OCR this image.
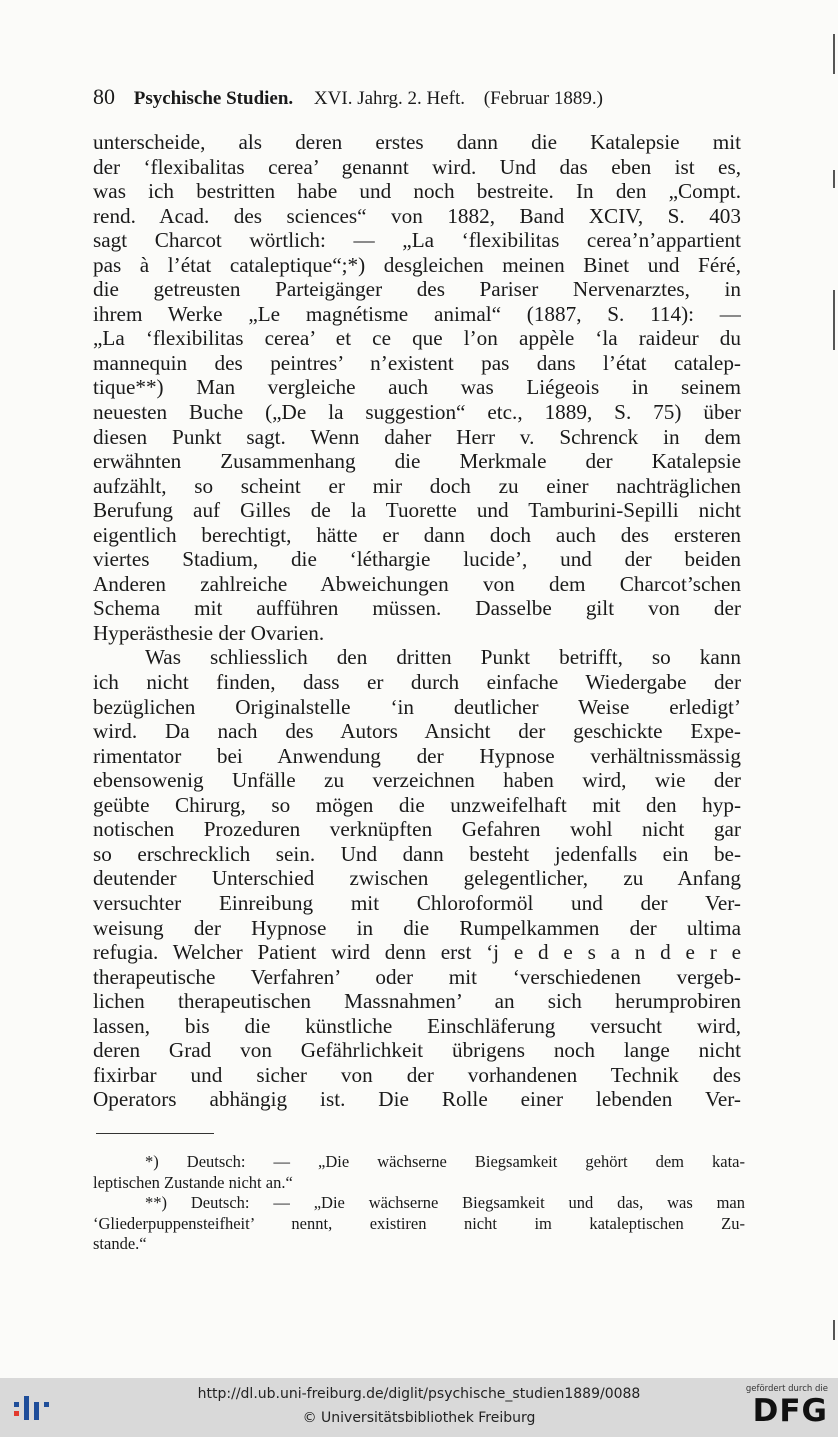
80 Psychische Studien. XVI. Jahrg. 2. Heft. (Februar 1889.)
unterscheide, als deren erstes dann die Katalepsie mit
der ‘flexibalitas cerea’ genannt wird. Und das eben ist es,
was ich bestritten habe und noch bestreite. In den „Compt.
rend. Acad. des sciences“ von 1882, Band XCIV, S. 403
sagt Charcot wörtlich: — „La ‘flexibilitas cerea’n’appartient
pas à l’état cataleptique“;*) desgleichen meinen Binet und Féré,
die getreusten Parteigänger des Pariser Nervenarztes, in
ihrem Werke „Le magnétisme animal“ (1887, S. 114): —
„La ‘flexibilitas cerea’ et ce que l’on appèle ‘la raideur du
mannequin des peintres’ n’existent pas dans l’état catalep-
tique**) Man vergleiche auch was Liégeois in seinem
neuesten Buche („De la suggestion“ etc., 1889, S. 75) über
diesen Punkt sagt. Wenn daher Herr v. Schrenck in dem
erwähnten Zusammenhang die Merkmale der Katalepsie
aufzählt, so scheint er mir doch zu einer nachträglichen
Berufung auf Gilles de la Tuorette und Tamburini-Sepilli nicht
eigentlich berechtigt, hätte er dann doch auch des ersteren
viertes Stadium, die ‘léthargie lucide’, und der beiden
Anderen zahlreiche Abweichungen von dem Charcot’schen
Schema mit aufführen müssen. Dasselbe gilt von der
Hyperästhesie der Ovarien.
Was schliesslich den dritten Punkt betrifft, so kann
ich nicht finden, dass er durch einfache Wiedergabe der
bezüglichen Originalstelle ‘in deutlicher Weise erledigt’
wird. Da nach des Autors Ansicht der geschickte Expe-
rimentator bei Anwendung der Hypnose verhältnissmässig
ebensowenig Unfälle zu verzeichnen haben wird, wie der
geübte Chirurg, so mögen die unzweifelhaft mit den hyp-
notischen Prozeduren verknüpften Gefahren wohl nicht gar
so erschrecklich sein. Und dann besteht jedenfalls ein be-
deutender Unterschied zwischen gelegentlicher, zu Anfang
versuchter Einreibung mit Chloroformöl und der Ver-
weisung der Hypnose in die Rumpelkammen der ultima
refugia. Welcher Patient wird denn erst ‘j e d e s a n d e r e
therapeutische Verfahren’ oder mit ‘verschiedenen vergeb-
lichen therapeutischen Massnahmen’ an sich herumprobiren
lassen, bis die künstliche Einschläferung versucht wird,
deren Grad von Gefährlichkeit übrigens noch lange nicht
fixirbar und sicher von der vorhandenen Technik des
Operators abhängig ist. Die Rolle einer lebenden Ver-
*) Deutsch: — „Die wächserne Biegsamkeit gehört dem kata-
leptischen Zustande nicht an.“
**) Deutsch: — „Die wächserne Biegsamkeit und das, was man
‘Gliederpuppensteifheit’ nennt, existiren nicht im kataleptischen Zu-
stande.“
http://dl.ub.uni-freiburg.de/diglit/psychische_studien1889/0088
© Universitätsbibliothek Freiburg
gefördert durch die
DFG
